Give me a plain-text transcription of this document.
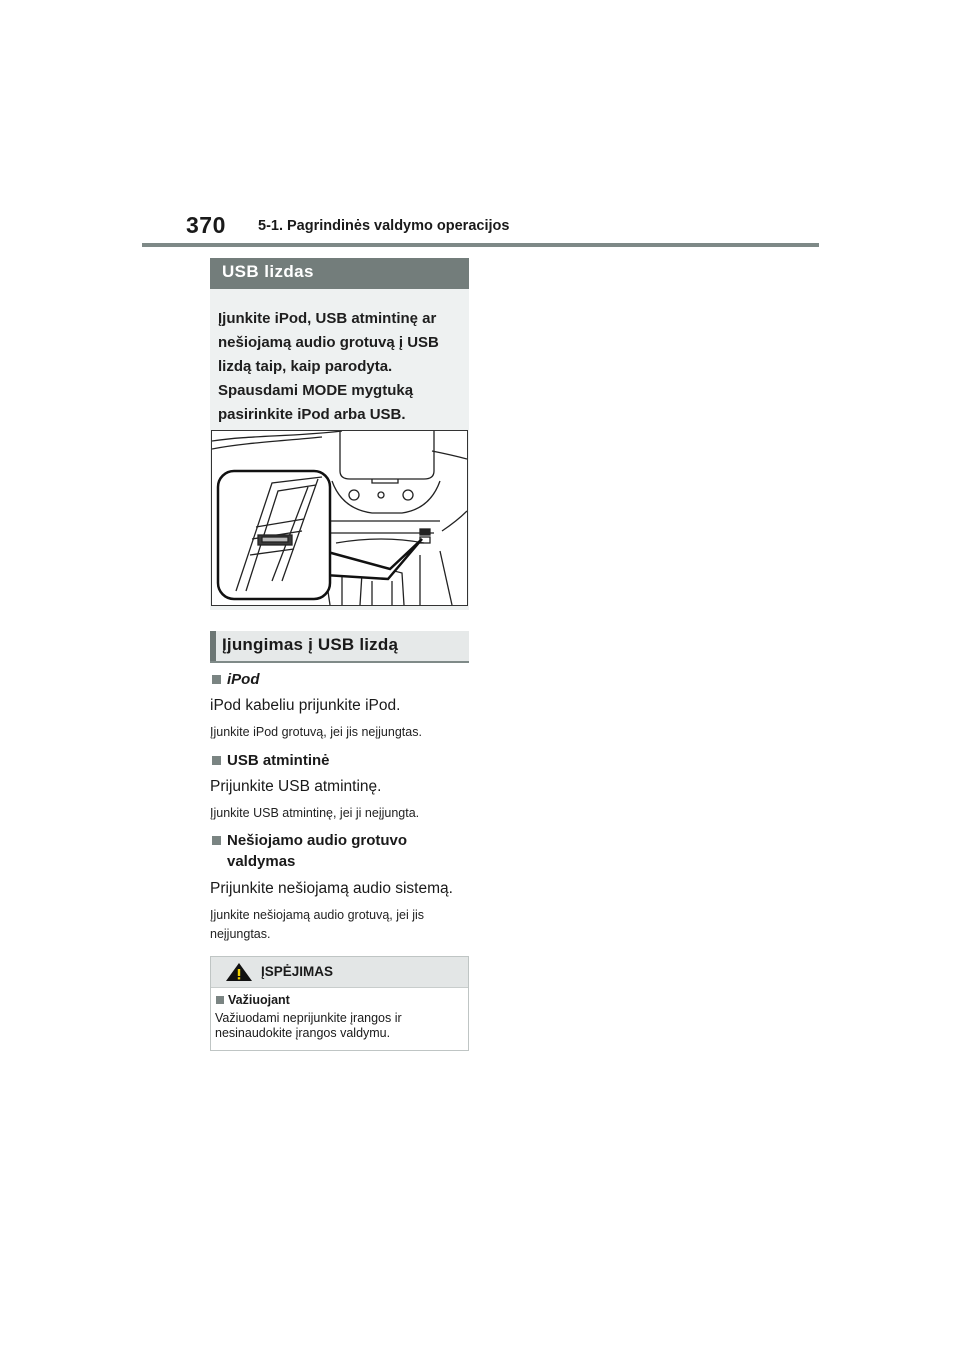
370 5-1. Pagrindinės valdymo operacijos
USB lizdas
Įjunkite iPod, USB atmintinę ar nešiojamą audio grotuvą į USB lizdą taip, kaip parodyta. Spausdami MODE mygtuką pasirinkite iPod arba USB.
Įjungimas į USB lizdą
iPod
iPod kabeliu prijunkite iPod.
Įjunkite iPod grotuvą, jei jis neįjungtas.
USB atmintinė
Prijunkite USB atmintinę.
Įjunkite USB atmintinę, jei ji neįjungta.
Nešiojamo audio grotuvo valdymas
Prijunkite nešiojamą audio sistemą.
Įjunkite nešiojamą audio grotuvą, jei jis neįjungtas.
ĮSPĖJIMAS
Važiuojant
Važiuodami neprijunkite įrangos ir nesinaudokite įrangos valdymu.
